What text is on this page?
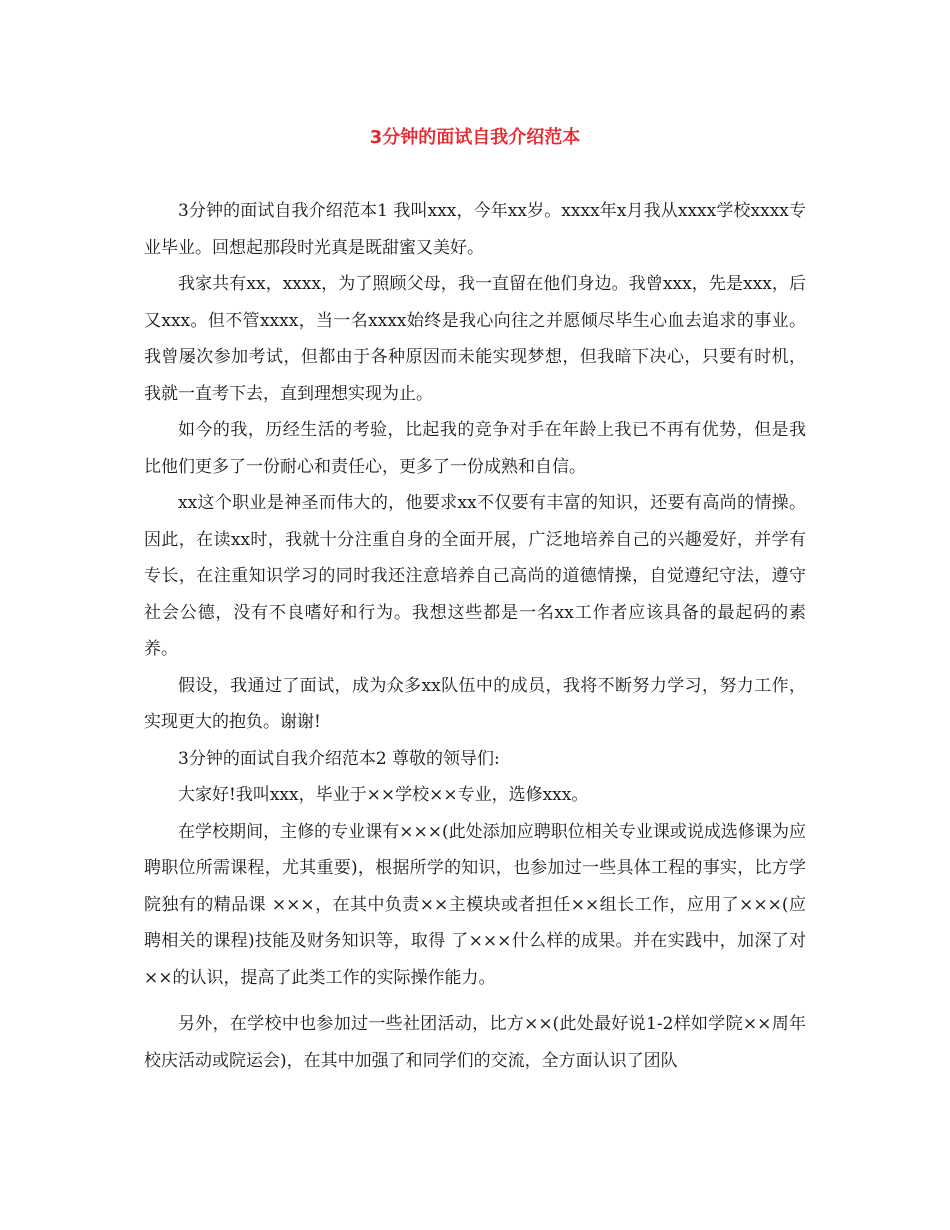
3分钟的面试自我介绍范本

3分钟的面试自我介绍范本1 我叫xxx，今年xx岁。xxxx年x月我从xxxx学校xxxx专业毕业。回想起那段时光真是既甜蜜又美好。

我家共有xx，xxxx，为了照顾父母，我一直留在他们身边。我曾xxx，先是xxx，后又xxx。但不管xxxx，当一名xxxx始终是我心向往之并愿倾尽毕生心血去追求的事业。我曾屡次参加考试，但都由于各种原因而未能实现梦想，但我暗下决心，只要有时机，我就一直考下去，直到理想实现为止。

如今的我，历经生活的考验，比起我的竞争对手在年龄上我已不再有优势，但是我比他们更多了一份耐心和责任心，更多了一份成熟和自信。

xx这个职业是神圣而伟大的，他要求xx不仅要有丰富的知识，还要有高尚的情操。因此，在读xx时，我就十分注重自身的全面开展，广泛地培养自己的兴趣爱好，并学有专长，在注重知识学习的同时我还注意培养自己高尚的道德情操，自觉遵纪守法，遵守社会公德，没有不良嗜好和行为。我想这些都是一名xx工作者应该具备的最起码的素养。

假设，我通过了面试，成为众多xx队伍中的成员，我将不断努力学习，努力工作，实现更大的抱负。谢谢!

3分钟的面试自我介绍范本2 尊敬的领导们:

大家好!我叫xxx，毕业于××学校××专业，选修xxx。

在学校期间，主修的专业课有×××(此处添加应聘职位相关专业课或说成选修课为应聘职位所需课程，尤其重要)，根据所学的知识，也参加过一些具体工程的事实，比方学院独有的精品课 ×××，在其中负责××主模块或者担任××组长工作，应用了×××(应聘相关的课程)技能及财务知识等，取得 了×××什么样的成果。并在实践中，加深了对××的认识，提高了此类工作的实际操作能力。

另外，在学校中也参加过一些社团活动，比方××(此处最好说1-2样如学院××周年校庆活动或院运会)，在其中加强了和同学们的交流，全方面认识了团队
